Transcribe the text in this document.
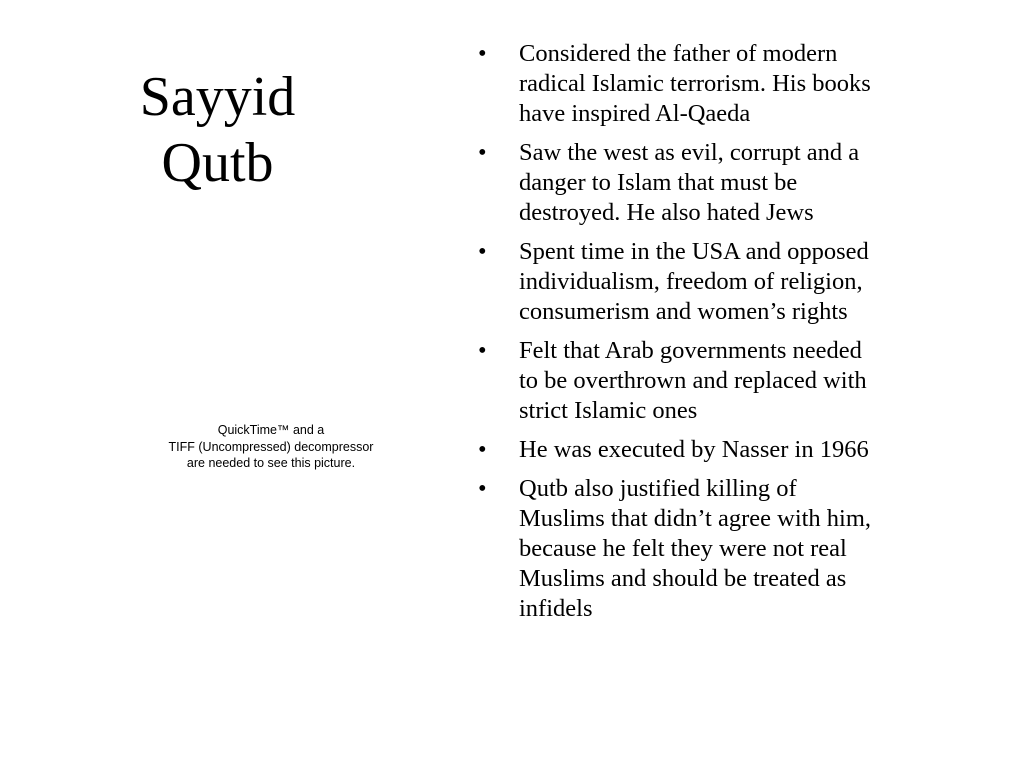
Sayyid
Qutb
QuickTime™ and a
TIFF (Uncompressed) decompressor
are needed to see this picture.
•	Considered the father of modern
radical Islamic terrorism. His books
have inspired Al-Qaeda
•	Saw the west as evil, corrupt and a
danger to Islam that must be
destroyed. He also hated Jews
•	Spent time in the USA and opposed
individualism, freedom of religion,
consumerism and women’s rights
•	Felt that Arab governments needed
to be overthrown and replaced with
strict Islamic ones
•	He was executed by Nasser in 1966
•	Qutb also justified killing of
Muslims that didn’t agree with him,
because he felt they were not real
Muslims and should be treated as
infidels
